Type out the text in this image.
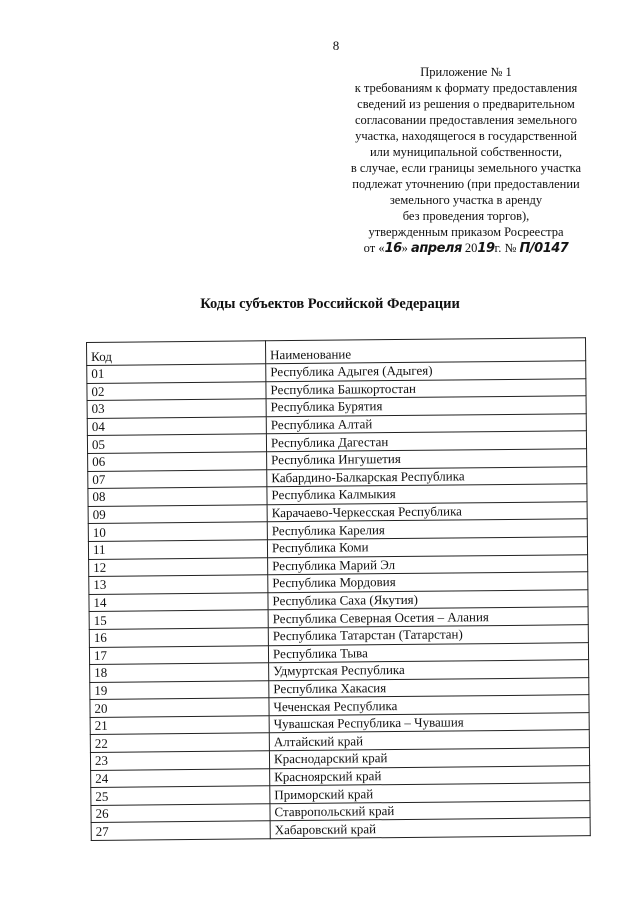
8
Приложение № 1
к требованиям к формату предоставления
сведений из решения о предварительном
согласовании предоставления земельного
участка, находящегося в государственной
или муниципальной собственности,
в случае, если границы земельного участка
подлежат уточнению (при предоставлении
земельного участка в аренду
без проведения торгов),
утвержденным приказом Росреестра
от «16» апреля 2019г. № П/0147
Коды субъектов Российской Федерации
Код	Наименование
01	Республика Адыгея (Адыгея)
02	Республика Башкортостан
03	Республика Бурятия
04	Республика Алтай
05	Республика Дагестан
06	Республика Ингушетия
07	Кабардино-Балкарская Республика
08	Республика Калмыкия
09	Карачаево-Черкесская Республика
10	Республика Карелия
11	Республика Коми
12	Республика Марий Эл
13	Республика Мордовия
14	Республика Саха (Якутия)
15	Республика Северная Осетия – Алания
16	Республика Татарстан (Татарстан)
17	Республика Тыва
18	Удмуртская Республика
19	Республика Хакасия
20	Чеченская Республика
21	Чувашская Республика – Чувашия
22	Алтайский край
23	Краснодарский край
24	Красноярский край
25	Приморский край
26	Ставропольский край
27	Хабаровский край
